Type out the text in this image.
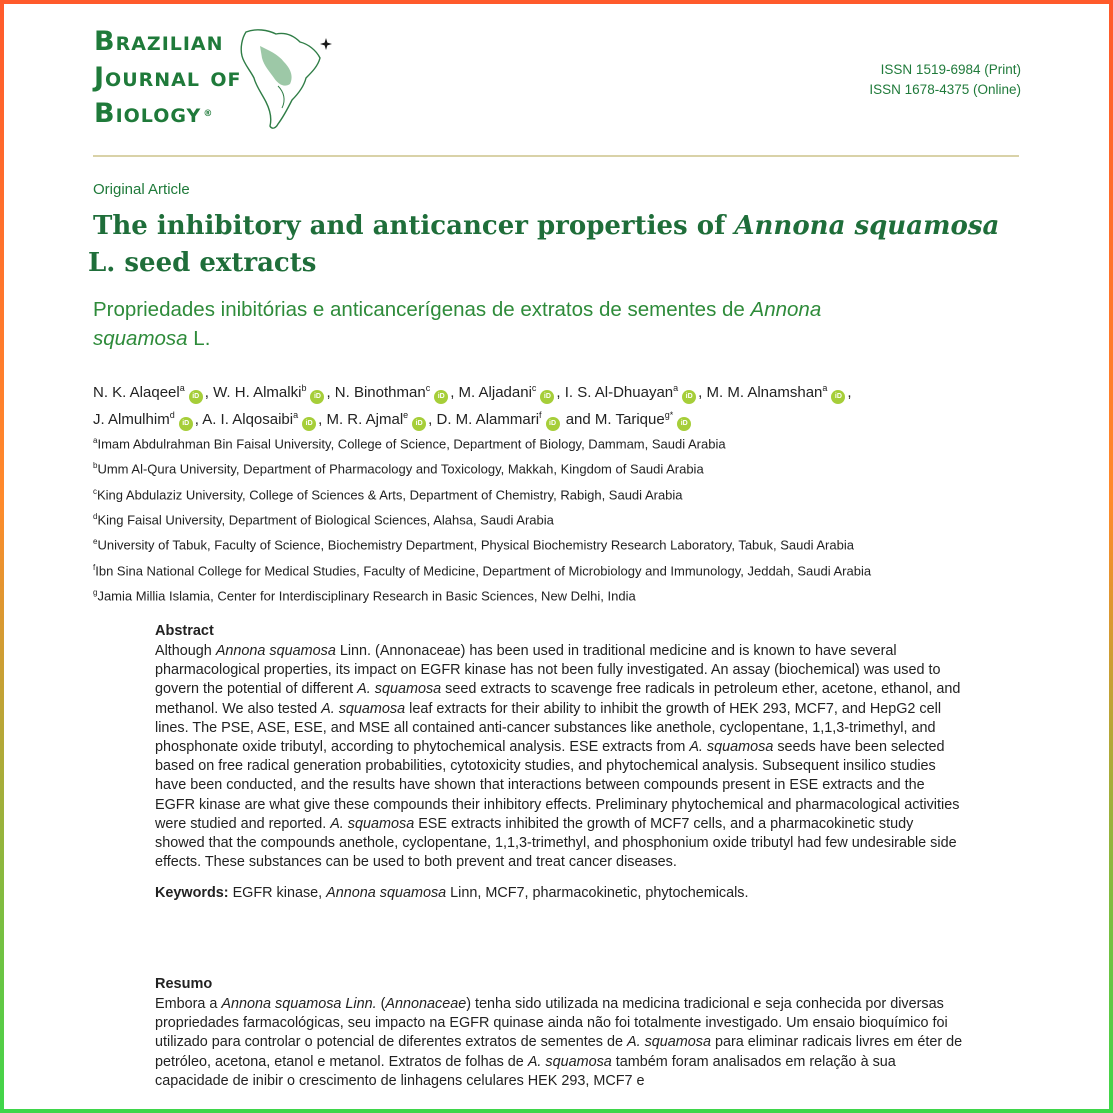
Brazilian
Journal of
Biology ®
ISSN 1519-6984 (Print)
ISSN 1678-4375 (Online)
Original Article
The inhibitory and anticancer properties of Annona squamosa
L. seed extracts

Propriedades inibitórias e anticancerígenas de extratos de sementes de Annona
squamosa L.

N. K. Alaqeel$^a$iD , W. H. Almalki$^b$iD , N. Binothman$^c$iD , M. Aljadani$^c$iD , I. S. Al-Dhuayan$^a$iD , M. M. Alnamshan$^a$iD ,
J. Almulhim$^d$iD , A. I. Alqosaibi$^a$iD , M. R. Ajmal$^e$iD , D. M. Alammari$^f$iD and M. Tarique$^{g*}$iD

$^a$Imam Abdulrahman Bin Faisal University, College of Science, Department of Biology, Dammam, Saudi Arabia
$^b$Umm Al-Qura University, Department of Pharmacology and Toxicology, Makkah, Kingdom of Saudi Arabia
$^c$King Abdulaziz University, College of Sciences & Arts, Department of Chemistry, Rabigh, Saudi Arabia
$^d$King Faisal University, Department of Biological Sciences, Alahsa, Saudi Arabia
$^e$University of Tabuk, Faculty of Science, Biochemistry Department, Physical Biochemistry Research Laboratory, Tabuk, Saudi Arabia
$^f$Ibn Sina National College for Medical Studies, Faculty of Medicine, Department of Microbiology and Immunology, Jeddah, Saudi Arabia
$^g$Jamia Millia Islamia, Center for Interdisciplinary Research in Basic Sciences, New Delhi, India
Abstract

Although Annona squamosa Linn. (Annonaceae) has been used in traditional medicine and is known to have several pharmacological properties, its impact on EGFR kinase has not been fully investigated. An assay (biochemical) was used to govern the potential of different A. squamosa seed extracts to scavenge free radicals in petroleum ether, acetone, ethanol, and methanol. We also tested A. squamosa leaf extracts for their ability to inhibit the growth of HEK 293, MCF7, and HepG2 cell lines. The PSE, ASE, ESE, and MSE all contained anti-cancer substances like anethole, cyclopentane, 1,1,3-trimethyl, and phosphonate oxide tributyl, according to phytochemical analysis. ESE extracts from A. squamosa seeds have been selected based on free radical generation probabilities, cytotoxicity studies, and phytochemical analysis. Subsequent insilico studies have been conducted, and the results have shown that interactions between compounds present in ESE extracts and the EGFR kinase are what give these compounds their inhibitory effects. Preliminary phytochemical and pharmacological activities were studied and reported. A. squamosa ESE extracts inhibited the growth of MCF7 cells, and a pharmacokinetic study showed that the compounds anethole, cyclopentane, 1,1,3-trimethyl, and phosphonium oxide tributyl had few undesirable side effects. These substances can be used to both prevent and treat cancer diseases.

Keywords: EGFR kinase, Annona squamosa Linn, MCF7, pharmacokinetic, phytochemicals.

Resumo

Embora a Annona squamosa Linn. (Annonaceae) tenha sido utilizada na medicina tradicional e seja conhecida por diversas propriedades farmacológicas, seu impacto na EGFR quinase ainda não foi totalmente investigado. Um ensaio bioquímico foi utilizado para controlar o potencial de diferentes extratos de sementes de A. squamosa para eliminar radicais livres em éter de petróleo, acetona, etanol e metanol. Extratos de folhas de A. squamosa também foram analisados em relação à sua capacidade de inibir o crescimento de linhagens celulares HEK 293, MCF7 e
